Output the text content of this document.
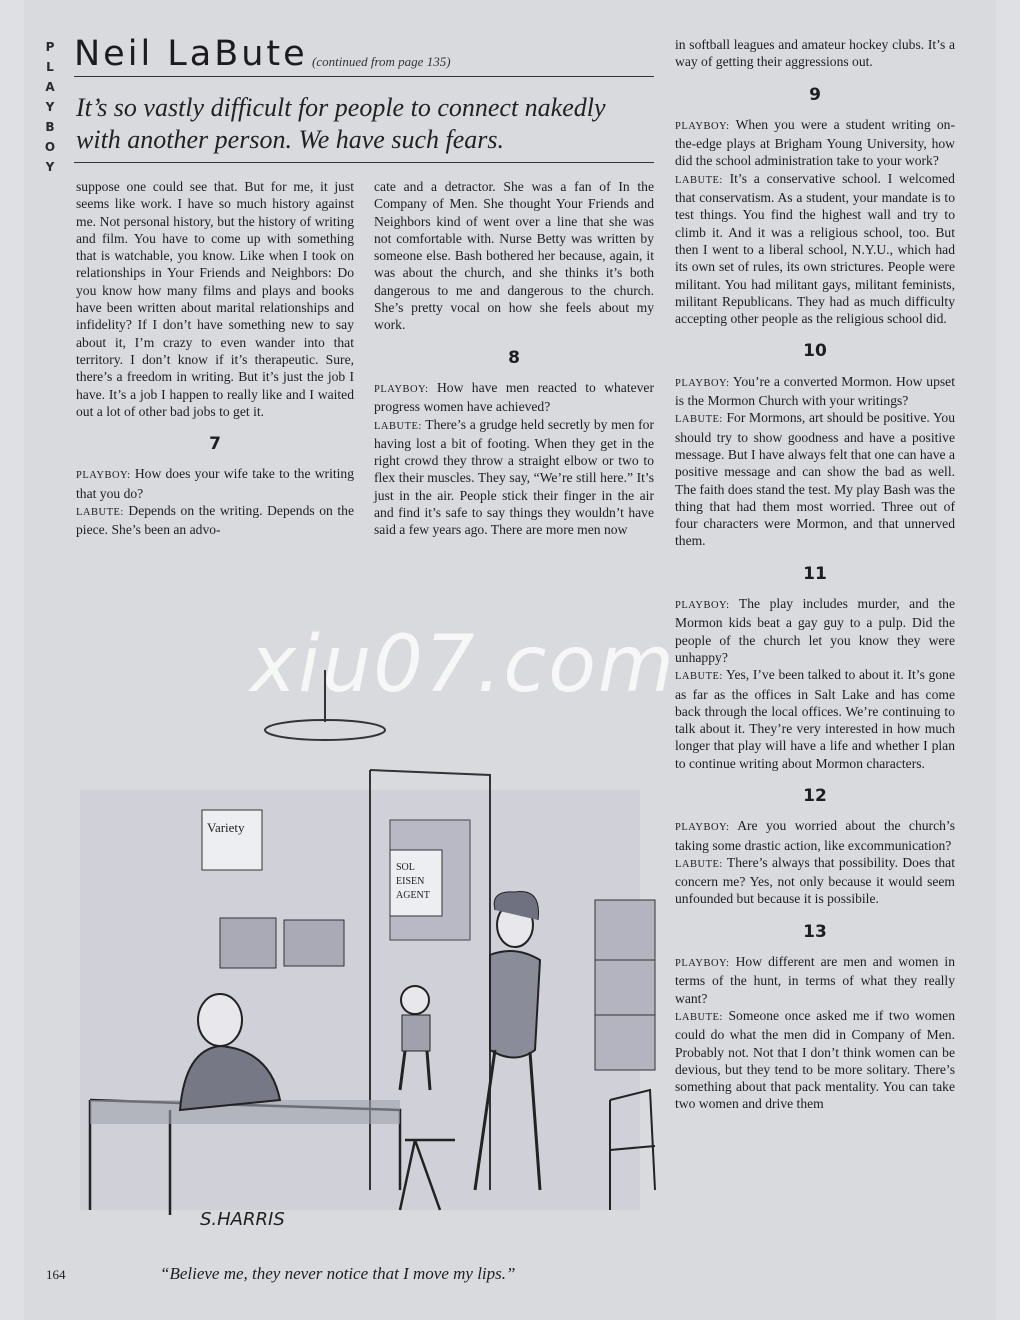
P
L
A
Y
B
O
Y
Neil LaBute (continued from page 135)
It’s so vastly difficult for people to connect nakedly with another person. We have such fears.

suppose one could see that. But for me, it just seems like work. I have so much history against me. Not personal history, but the history of writing and film. You have to come up with something that is watchable, you know. Like when I took on relationships in Your Friends and Neighbors: Do you know how many films and plays and books have been written about marital relationships and infidelity? If I don’t have something new to say about it, I’m crazy to even wander into that territory. I don’t know if it’s therapeutic. Sure, there’s a freedom in writing. But it’s just the job I have. It’s a job I happen to really like and I waited out a lot of other bad jobs to get it.

7

PLAYBOY: How does your wife take to the writing that you do?

LABUTE: Depends on the writing. Depends on the piece. She’s been an advo-

cate and a detractor. She was a fan of In the Company of Men. She thought Your Friends and Neighbors kind of went over a line that she was not comfortable with. Nurse Betty was written by someone else. Bash bothered her because, again, it was about the church, and she thinks it’s both dangerous to me and dangerous to the church. She’s pretty vocal on how she feels about my work.

8

PLAYBOY: How have men reacted to whatever progress women have achieved?

LABUTE: There’s a grudge held secretly by men for having lost a bit of footing. When they get in the right crowd they throw a straight elbow or two to flex their muscles. They say, “We’re still here.” It’s just in the air. People stick their finger in the air and find it’s safe to say things they wouldn’t have said a few years ago. There are more men now

in softball leagues and amateur hockey clubs. It’s a way of getting their aggressions out.

9

PLAYBOY: When you were a student writing on-the-edge plays at Brigham Young University, how did the school administration take to your work?

LABUTE: It’s a conservative school. I welcomed that conservatism. As a student, your mandate is to test things. You find the highest wall and try to climb it. And it was a religious school, too. But then I went to a liberal school, N.Y.U., which had its own set of rules, its own strictures. People were militant. You had militant gays, militant feminists, militant Republicans. They had as much difficulty accepting other people as the religious school did.

10

PLAYBOY: You’re a converted Mormon. How upset is the Mormon Church with your writings?

LABUTE: For Mormons, art should be positive. You should try to show goodness and have a positive message. But I have always felt that one can have a positive message and can show the bad as well. The faith does stand the test. My play Bash was the thing that had them most worried. Three out of four characters were Mormon, and that unnerved them.

11

PLAYBOY: The play includes murder, and the Mormon kids beat a gay guy to a pulp. Did the people of the church let you know they were unhappy?

LABUTE: Yes, I’ve been talked to about it. It’s gone as far as the offices in Salt Lake and has come back through the local offices. We’re continuing to talk about it. They’re very interested in how much longer that play will have a life and whether I plan to continue writing about Mormon characters.

12

PLAYBOY: Are you worried about the church’s taking some drastic action, like excommunication?

LABUTE: There’s always that possibility. Does that concern me? Yes, not only because it would seem unfounded but because it is possibile.

13

PLAYBOY: How different are men and women in terms of the hunt, in terms of what they really want?

LABUTE: Someone once asked me if two women could do what the men did in Company of Men. Probably not. Not that I don’t think women can be devious, but they tend to be more solitary. There’s something about that pack mentality. You can take two women and drive them

SOL
EISEN
AGENT
Variety
S.HARRIS
xiu07.com
164	“Believe me, they never notice that I move my lips.”
